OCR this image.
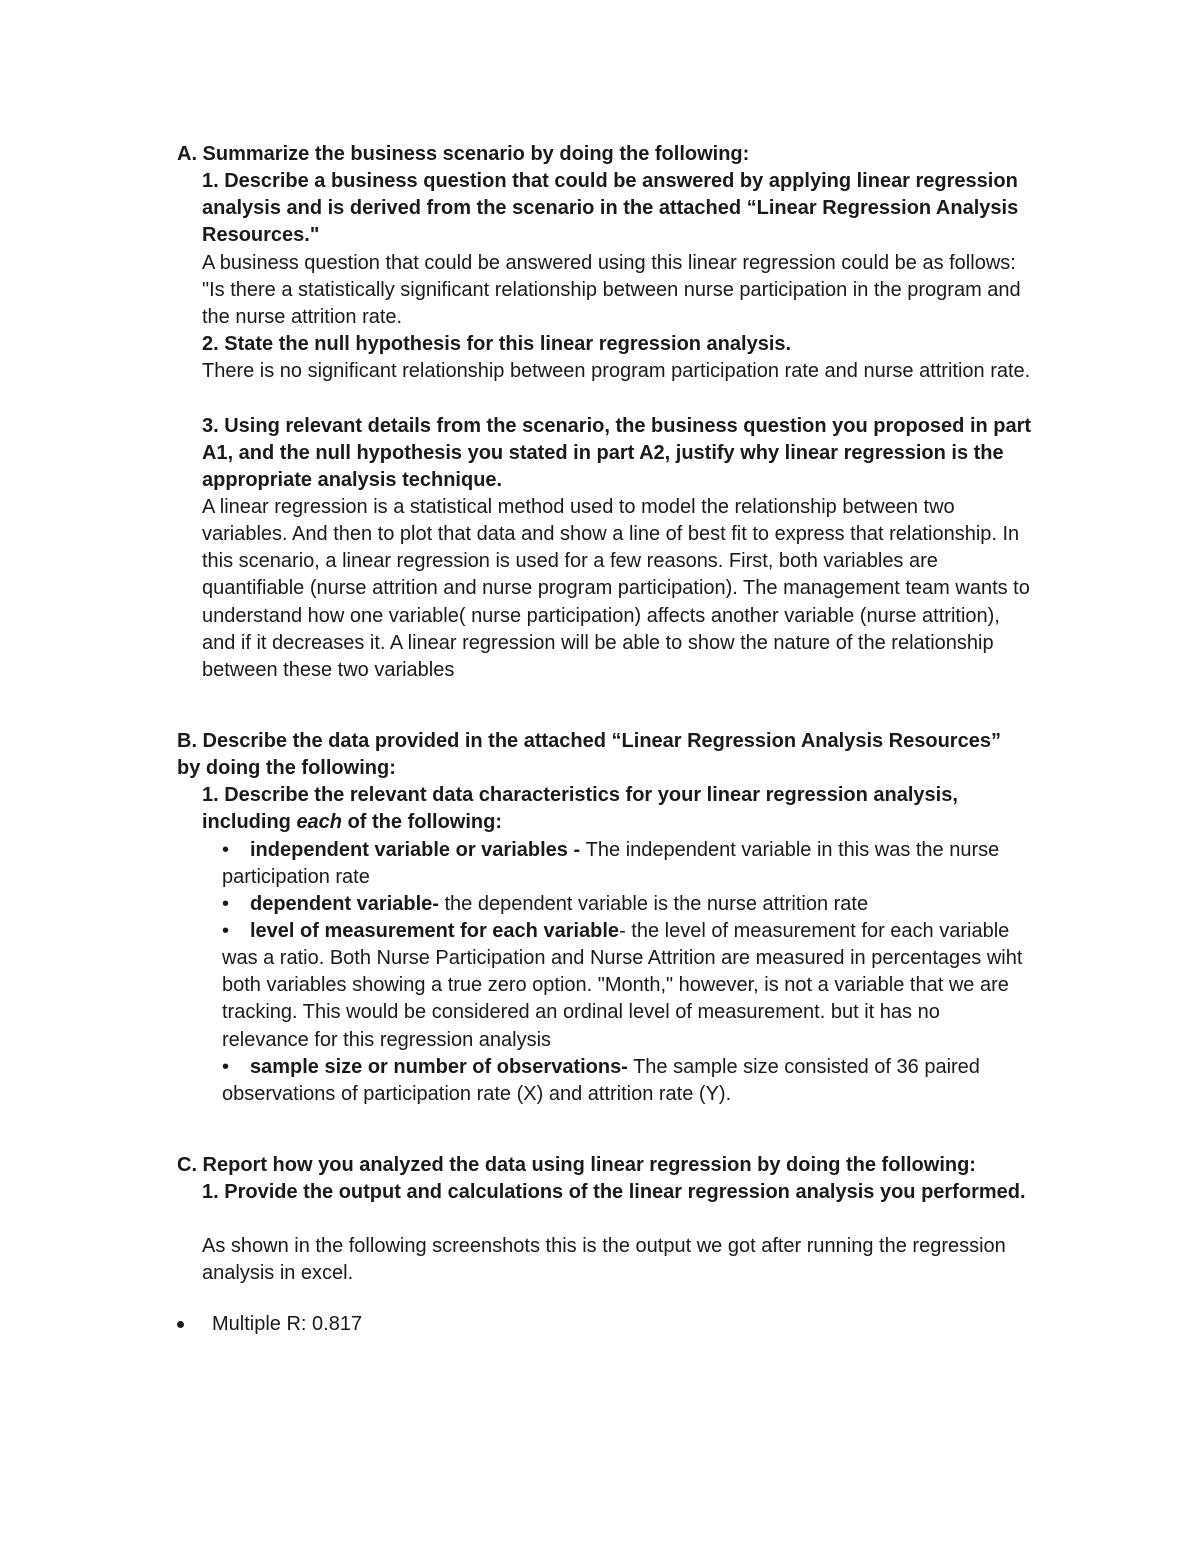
A. Summarize the business scenario by doing the following:

1. Describe a business question that could be answered by applying linear regression

analysis and is derived from the scenario in the attached “Linear Regression Analysis

Resources."

A business question that could be answered using this linear regression could be as follows:

"Is there a statistically significant relationship between nurse participation in the program and

the nurse attrition rate.

2. State the null hypothesis for this linear regression analysis.

There is no significant relationship between program participation rate and nurse attrition rate.

3. Using relevant details from the scenario, the business question you proposed in part

A1, and the null hypothesis you stated in part A2, justify why linear regression is the

appropriate analysis technique.

A linear regression is a statistical method used to model the relationship between two

variables. And then to plot that data and show a line of best fit to express that relationship. In

this scenario, a linear regression is used for a few reasons. First, both variables are

quantifiable (nurse attrition and nurse program participation). The management team wants to

understand how one variable( nurse participation) affects another variable (nurse attrition),

and if it decreases it. A linear regression will be able to show the nature of the relationship

between these two variables

B. Describe the data provided in the attached “Linear Regression Analysis Resources”

by doing the following:

1. Describe the relevant data characteristics for your linear regression analysis,

including each of the following:

• independent variable or variables - The independent variable in this was the nurse

participation rate

• dependent variable- the dependent variable is the nurse attrition rate

• level of measurement for each variable- the level of measurement for each variable

was a ratio. Both Nurse Participation and Nurse Attrition are measured in percentages wiht

both variables showing a true zero option. "Month," however, is not a variable that we are

tracking. This would be considered an ordinal level of measurement. but it has no

relevance for this regression analysis

• sample size or number of observations- The sample size consisted of 36 paired

observations of participation rate (X) and attrition rate (Y).

C. Report how you analyzed the data using linear regression by doing the following:

1. Provide the output and calculations of the linear regression analysis you performed.

As shown in the following screenshots this is the output we got after running the regression

analysis in excel.

Multiple R: 0.817
